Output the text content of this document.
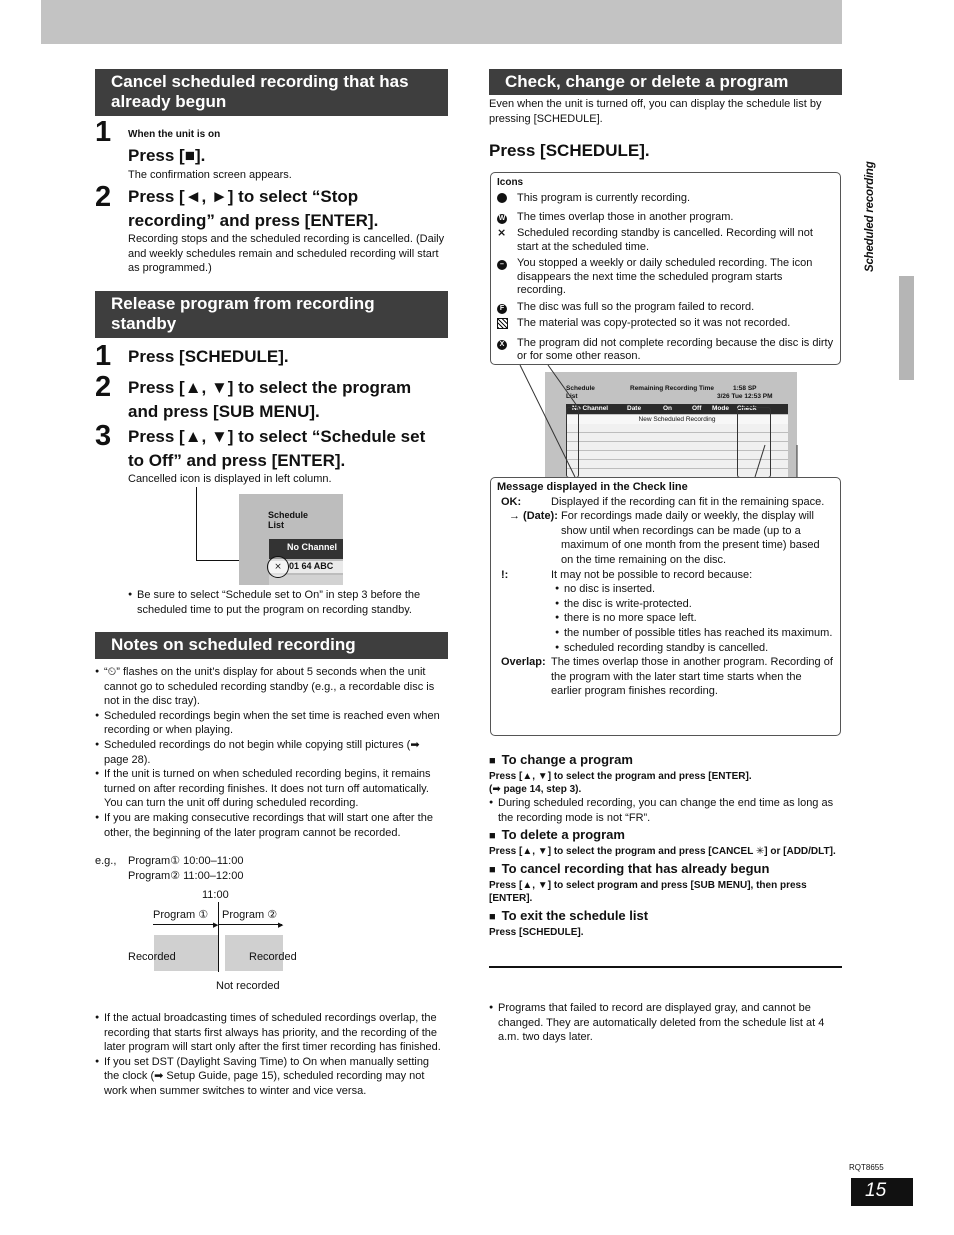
Scheduled recording
Cancel scheduled recording that has already begun
1 When the unit is on
Press [■].
The confirmation screen appears.
2 Press [◄, ►] to select “Stop recording” and press [ENTER].
Recording stops and the scheduled recording is cancelled. (Daily and weekly schedules remain and scheduled recording will start as programmed.)
Release program from recording standby
1 Press [SCHEDULE].
2 Press [▲, ▼] to select the program and press [SUB MENU].
3 Press [▲, ▼] to select “Schedule set to Off” and press [ENTER].
Cancelled icon is displayed in left column.
Schedule
List
No Channel
01 64 ABC
⨯
● Be sure to select “Schedule set to On” in step 3 before the scheduled time to put the program on recording standby.
Notes on scheduled recording
● “⏲” flashes on the unit’s display for about 5 seconds when the unit cannot go to scheduled recording standby (e.g., a recordable disc is not in the disc tray).
● Scheduled recordings begin when the set time is reached even when recording or when playing.
● Scheduled recordings do not begin while copying still pictures (➡ page 28).
● If the unit is turned on when scheduled recording begins, it remains turned on after recording finishes. It does not turn off automatically. You can turn the unit off during scheduled recording.
● If you are making consecutive recordings that will start one after the other, the beginning of the later program cannot be recorded.
e.g., Program① 10:00–11:00
Program② 11:00–12:00
11:00
Program ① Program ②
▶	▶
Recorded	Recorded
Not recorded
● If the actual broadcasting times of scheduled recordings overlap, the recording that starts first always has priority, and the recording of the later program will start only after the first timer recording has finished.
● If you set DST (Daylight Saving Time) to On when manually setting the clock (➡ Setup Guide, page 15), scheduled recording may not work when summer switches to winter and vice versa.
Check, change or delete a program
Even when the unit is turned off, you can display the schedule list by pressing [SCHEDULE].
Press [SCHEDULE].
Icons
This program is currently recording.
W	The times overlap those in another program.
⨯ Scheduled recording standby is cancelled. Recording will not start at the scheduled time.
–	You stopped a weekly or daily scheduled recording. The icon disappears the next time the scheduled program starts recording.
F	The disc was full so the program failed to record.
The material was copy-protected so it was not recorded.
X	The program did not complete recording because the disc is dirty or for some other reason.
Schedule
List
Remaining Recording Time	1:58 SP
3/26 Tue 12:53 PM
No Channel	Date	On	Off Mode Check
New Scheduled Recording
Message displayed in the Check line
OK:	Displayed if the recording can fit in the remaining space.
→ (Date): For recordings made daily or weekly, the display will show until when recordings can be made (up to a maximum of one month from the present time) based on the time remaining on the disc.
!:	It may not be possible to record because:
● no disc is inserted.
● the disc is write-protected.
● there is no more space left.
● the number of possible titles has reached its maximum.
● scheduled recording standby is cancelled.
Overlap: The times overlap those in another program. Recording of the program with the later start time starts when the earlier program finishes recording.
■ To change a program
Press [▲, ▼] to select the program and press [ENTER].
(➡ page 14, step 3).
● During scheduled recording, you can change the end time as long as the recording mode is not “FR”.
■ To delete a program
Press [▲, ▼] to select the program and press [CANCEL ✳] or [ADD/DLT].
■ To cancel recording that has already begun
Press [▲, ▼] to select program and press [SUB MENU], then press [ENTER].
■ To exit the schedule list
Press [SCHEDULE].
● Programs that failed to record are displayed gray, and cannot be changed. They are automatically deleted from the schedule list at 4 a.m. two days later.
RQT8655
15
